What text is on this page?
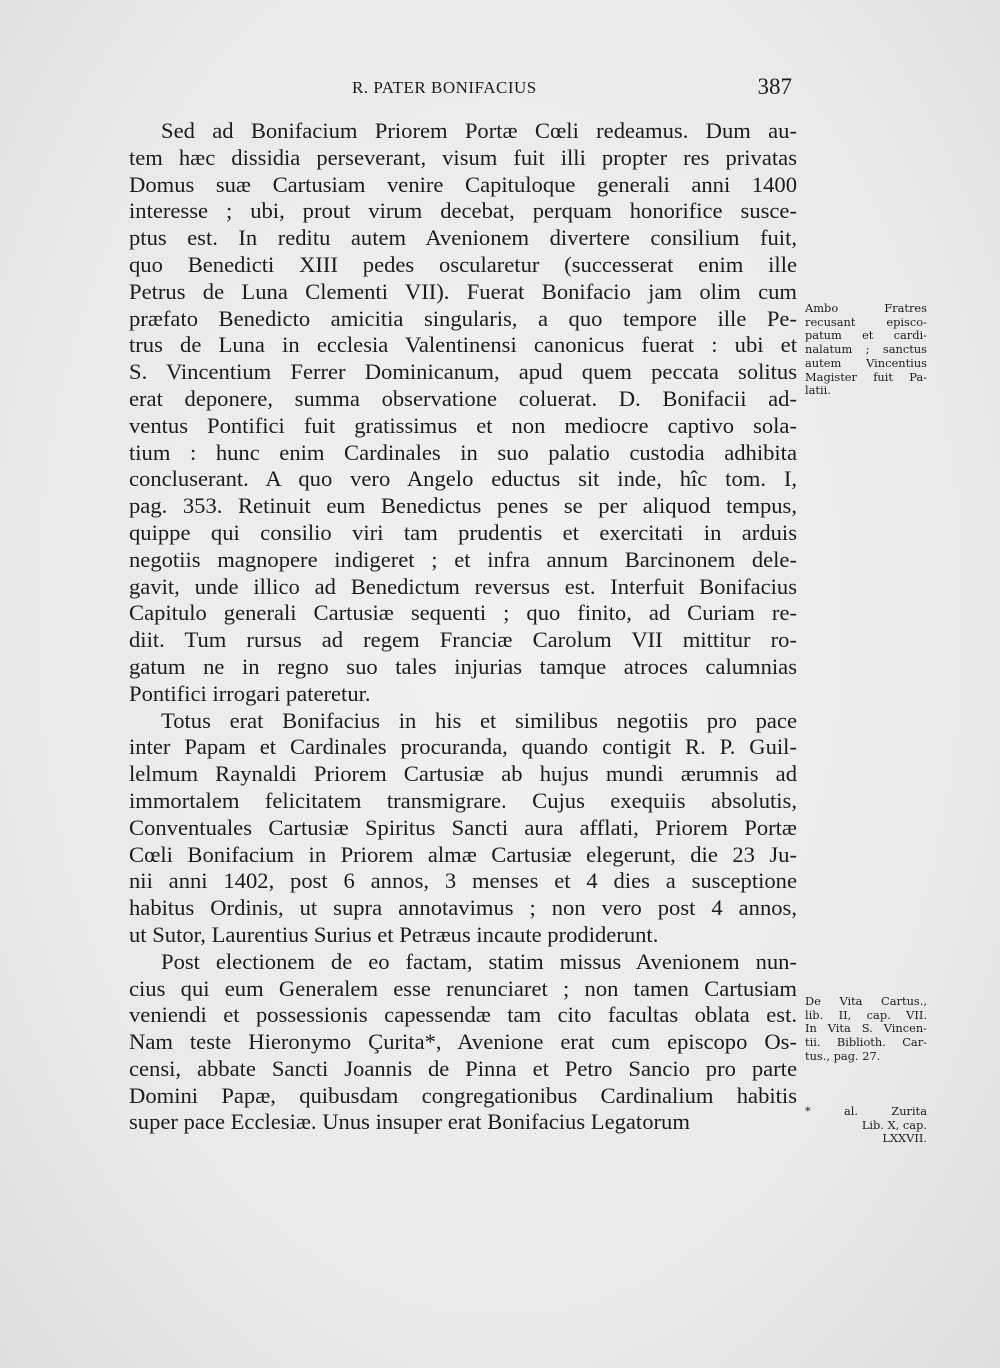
R. PATER BONIFACIUS	387
Sed ad Bonifacium Priorem Portæ Cœli redeamus. Dum au-
tem hæc dissidia perseverant, visum fuit illi propter res privatas
Domus suæ Cartusiam venire Capituloque generali anni 1400
interesse ; ubi, prout virum decebat, perquam honorifice susce-
ptus est. In reditu autem Avenionem divertere consilium fuit,
quo Benedicti XIII pedes oscularetur (successerat enim ille
Petrus de Luna Clementi VII). Fuerat Bonifacio jam olim cum
præfato Benedicto amicitia singularis, a quo tempore ille Pe-
trus de Luna in ecclesia Valentinensi canonicus fuerat : ubi et
S. Vincentium Ferrer Dominicanum, apud quem peccata solitus
erat deponere, summa observatione coluerat. D. Bonifacii ad-
ventus Pontifici fuit gratissimus et non mediocre captivo sola-
tium : hunc enim Cardinales in suo palatio custodia adhibita
concluserant. A quo vero Angelo eductus sit inde, hîc tom. I,
pag. 353. Retinuit eum Benedictus penes se per aliquod tempus,
quippe qui consilio viri tam prudentis et exercitati in arduis
negotiis magnopere indigeret ; et infra annum Barcinonem dele-
gavit, unde illico ad Benedictum reversus est. Interfuit Bonifacius
Capitulo generali Cartusiæ sequenti ; quo finito, ad Curiam re-
diit. Tum rursus ad regem Franciæ Carolum VII mittitur ro-
gatum ne in regno suo tales injurias tamque atroces calumnias
Pontifici irrogari pateretur.
Totus erat Bonifacius in his et similibus negotiis pro pace
inter Papam et Cardinales procuranda, quando contigit R. P. Guil-
lelmum Raynaldi Priorem Cartusiæ ab hujus mundi ærumnis ad
immortalem felicitatem transmigrare. Cujus exequiis absolutis,
Conventuales Cartusiæ Spiritus Sancti aura afflati, Priorem Portæ
Cœli Bonifacium in Priorem almæ Cartusiæ elegerunt, die 23 Ju-
nii anni 1402, post 6 annos, 3 menses et 4 dies a susceptione
habitus Ordinis, ut supra annotavimus ; non vero post 4 annos,
ut Sutor, Laurentius Surius et Petræus incaute prodiderunt.
Post electionem de eo factam, statim missus Avenionem nun-
cius qui eum Generalem esse renunciaret ; non tamen Cartusiam
veniendi et possessionis capessendæ tam cito facultas oblata est.
Nam teste Hieronymo Çurita*, Avenione erat cum episcopo Os-
censi, abbate Sancti Joannis de Pinna et Petro Sancio pro parte
Domini Papæ, quibusdam congregationibus Cardinalium habitis
super pace Ecclesiæ. Unus insuper erat Bonifacius Legatorum
Ambo Fratres
recusant episco-
patum et cardi-
nalatum ; sanctus
autem Vincentius
Magister fuit Pa-
latii.
De Vita Cartus.,
lib. II, cap. VII.
In Vita S. Vincen-
tii. Biblioth. Car-
tus., pag. 27.
* al. Zurita
Lib. X, cap.
LXXVII.
